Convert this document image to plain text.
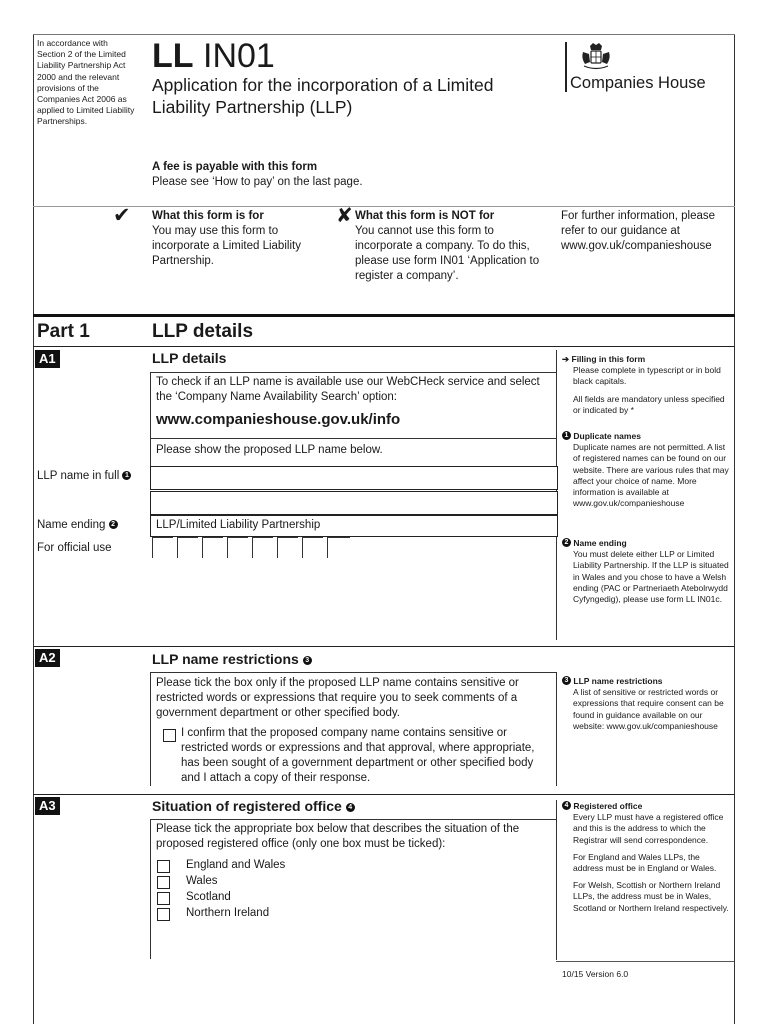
In accordance with Section 2 of the Limited Liability Partnership Act 2000 and the relevant provisions of the Companies Act 2006 as applied to Limited Liability Partnerships.
LL IN01
Application for the incorporation of a Limited Liability Partnership (LLP)
Companies House
A fee is payable with this form
Please see ‘How to pay’ on the last page.
✔ What this form is for
You may use this form to incorporate a Limited Liability Partnership.
✘ What this form is NOT for
You cannot use this form to incorporate a company. To do this, please use form IN01 ‘Application to register a company’.
For further information, please refer to our guidance at www.gov.uk/companieshouse
Part 1	LLP details
A1	LLP details
To check if an LLP name is available use our WebCHeck service and select the ‘Company Name Availability Search’ option:
www.companieshouse.gov.uk/info
Please show the proposed LLP name below.
LLP name in full 1
Name ending 2	LLP/Limited Liability Partnership
For official use
➔ Filling in this form
Please complete in typescript or in bold black capitals.
All fields are mandatory unless specified or indicated by *
1 Duplicate names
Duplicate names are not permitted. A list of registered names can be found on our website. There are various rules that may affect your choice of name. More information is available at www.gov.uk/companieshouse
2 Name ending
You must delete either LLP or Limited Liability Partnership. If the LLP is situated in Wales and you chose to have a Welsh ending (PAC or Partneriaeth Atebolrwydd Cyfyngedig), please use form LL IN01c.
A2	LLP name restrictions 3
Please tick the box only if the proposed LLP name contains sensitive or restricted words or expressions that require you to seek comments of a government department or other specified body.
I confirm that the proposed company name contains sensitive or restricted words or expressions and that approval, where appropriate, has been sought of a government department or other specified body and I attach a copy of their response.
3 LLP name restrictions
A list of sensitive or restricted words or expressions that require consent can be found in guidance available on our website: www.gov.uk/companieshouse
A3	Situation of registered office 4
Please tick the appropriate box below that describes the situation of the proposed registered office (only one box must be ticked):
England and Wales
Wales
Scotland
Northern Ireland
4 Registered office
Every LLP must have a registered office and this is the address to which the Registrar will send correspondence.
For England and Wales LLPs, the address must be in England or Wales.
For Welsh, Scottish or Northern Ireland LLPs, the address must be in Wales, Scotland or Northern Ireland respectively.
10/15 Version 6.0
